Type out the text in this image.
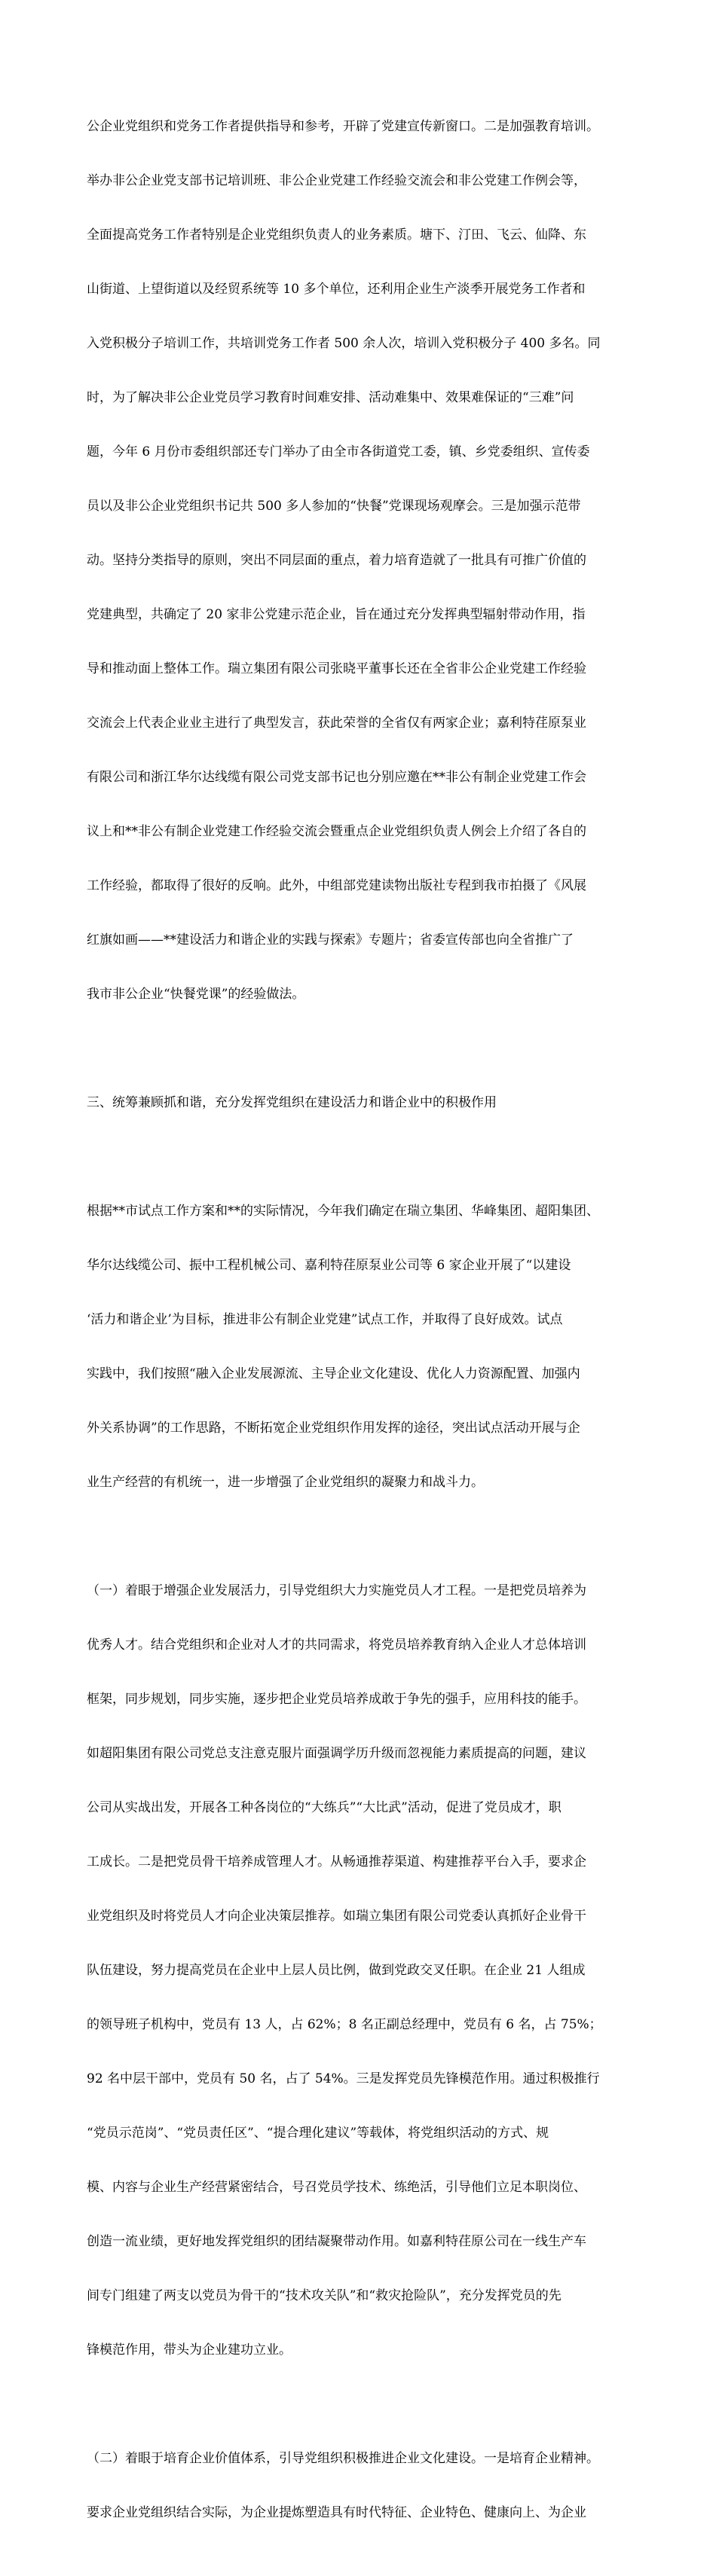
公企业党组织和党务工作者提供指导和参考，开辟了党建宣传新窗口。二是加强教育培训。

举办非公企业党支部书记培训班、非公企业党建工作经验交流会和非公党建工作例会等，

全面提高党务工作者特别是企业党组织负责人的业务素质。塘下、汀田、飞云、仙降、东

山街道、上望街道以及经贸系统等 10 多个单位，还利用企业生产淡季开展党务工作者和

入党积极分子培训工作，共培训党务工作者 500 余人次，培训入党积极分子 400 多名。同

时，为了解决非公企业党员学习教育时间难安排、活动难集中、效果难保证的“三难”问

题，今年 6 月份市委组织部还专门举办了由全市各街道党工委，镇、乡党委组织、宣传委

员以及非公企业党组织书记共 500 多人参加的“快餐”党课现场观摩会。三是加强示范带

动。坚持分类指导的原则，突出不同层面的重点，着力培育造就了一批具有可推广价值的

党建典型，共确定了 20 家非公党建示范企业，旨在通过充分发挥典型辐射带动作用，指

导和推动面上整体工作。瑞立集团有限公司张晓平董事长还在全省非公企业党建工作经验

交流会上代表企业业主进行了典型发言，获此荣誉的全省仅有两家企业；嘉利特荏原泵业

有限公司和浙江华尔达线缆有限公司党支部书记也分别应邀在**非公有制企业党建工作会

议上和**非公有制企业党建工作经验交流会暨重点企业党组织负责人例会上介绍了各自的

工作经验，都取得了很好的反响。此外，中组部党建读物出版社专程到我市拍摄了《风展

红旗如画——**建设活力和谐企业的实践与探索》专题片；省委宣传部也向全省推广了

我市非公企业“快餐党课”的经验做法。

三、统筹兼顾抓和谐，充分发挥党组织在建设活力和谐企业中的积极作用

根据**市试点工作方案和**的实际情况，今年我们确定在瑞立集团、华峰集团、超阳集团、

华尔达线缆公司、振中工程机械公司、嘉利特荏原泵业公司等 6 家企业开展了“以建设

‘活力和谐企业’为目标，推进非公有制企业党建”试点工作，并取得了良好成效。试点

实践中，我们按照“融入企业发展源流、主导企业文化建设、优化人力资源配置、加强内

外关系协调”的工作思路，不断拓宽企业党组织作用发挥的途径，突出试点活动开展与企

业生产经营的有机统一，进一步增强了企业党组织的凝聚力和战斗力。

（一）着眼于增强企业发展活力，引导党组织大力实施党员人才工程。一是把党员培养为

优秀人才。结合党组织和企业对人才的共同需求，将党员培养教育纳入企业人才总体培训

框架，同步规划，同步实施，逐步把企业党员培养成敢于争先的强手，应用科技的能手。

如超阳集团有限公司党总支注意克服片面强调学历升级而忽视能力素质提高的问题，建议

公司从实战出发，开展各工种各岗位的“大练兵”“大比武”活动，促进了党员成才，职

工成长。二是把党员骨干培养成管理人才。从畅通推荐渠道、构建推荐平台入手，要求企

业党组织及时将党员人才向企业决策层推荐。如瑞立集团有限公司党委认真抓好企业骨干

队伍建设，努力提高党员在企业中上层人员比例，做到党政交叉任职。在企业 21 人组成

的领导班子机构中，党员有 13 人，占 62%；8 名正副总经理中，党员有 6 名，占 75%；

92 名中层干部中，党员有 50 名，占了 54%。三是发挥党员先锋模范作用。通过积极推行

“党员示范岗”、“党员责任区”、“提合理化建议”等载体，将党组织活动的方式、规

模、内容与企业生产经营紧密结合，号召党员学技术、练绝活，引导他们立足本职岗位、

创造一流业绩，更好地发挥党组织的团结凝聚带动作用。如嘉利特荏原公司在一线生产车

间专门组建了两支以党员为骨干的“技术攻关队”和“救灾抢险队”，充分发挥党员的先

锋模范作用，带头为企业建功立业。

（二）着眼于培育企业价值体系，引导党组织积极推进企业文化建设。一是培育企业精神。

要求企业党组织结合实际，为企业提炼塑造具有时代特征、企业特色、健康向上、为企业
